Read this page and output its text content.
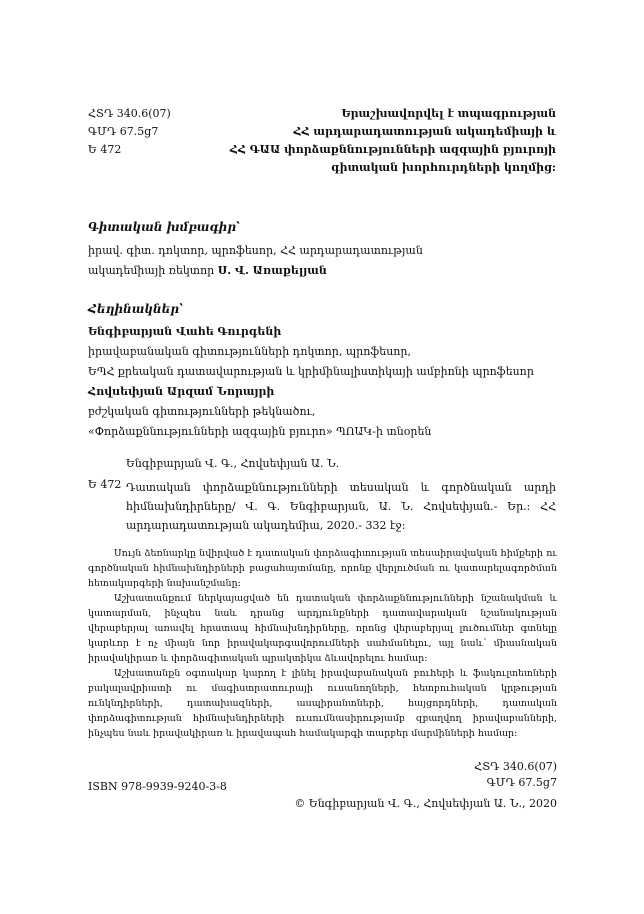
ՀՏԴ 340.6(07)
ԳՄԴ 67.5ց7
Ե 472
Երաշխավորվել է տպագրության
ՀՀ արդարադատության ակադեմիայի և
ՀՀ ԳԱԱ փորձաքննությունների ազգային բյուրոյի
գիտական խորհուրդների կողմից:
Գիտական խմբագիր՝
իրավ. գիտ. դոկտոր, պրոֆեսոր, ՀՀ արդարադատության
ակադեմիայի ռեկտոր Ս. Վ. Առաքելյան
Հեղինակներ՝
Ենգիբարյան Վահե Գուրգենի
իրավաբանական գիտությունների դոկտոր, պրոֆեսոր,
ԵՊՀ քրեական դատավարության և կրիմինալիստիկայի ամբիոնի պրոֆեսոր
Հովսեփյան Արզամ Նորայրի
բժշկական գիտությունների թեկնածու,
«Փորձաքննությունների ազգային բյուրո» ՊՈԱԿ-ի տնօրեն
Ենգիբարյան Վ. Գ., Հովսեփյան Ա. Ն.
Ե 472 Դատական փորձաքննությունների տեսական և գործնական արդի հիմնախնդիրները/ Վ. Գ. Ենգիբարյան, Ա. Ն. Հովսեփյան.- Եր.: ՀՀ արդարադատության ակադեմիա, 2020.- 332 էջ:

Սույն ձեռնարկը նվիրված է դատական փորձագիտության տեսաիրավական հիմքերի ու գործնական հիմնախնդիրների բացահայտմանը, որոնք վերլուծման ու կատարելագործման հետակարգերի նախանշմանը:

Աշխատանքում ներկայացված են դատական փորձաքննությունների նշանակման և կատարման, ինչպես նաև դրանց արդյունքների դատավարական նշանակության վերաբերյալ առավել հրատապ հիմնախնդիրները, որոնց վերաբերյալ լուծումներ գտնելը կարևոր է ոչ միայն նոր իրավակարգավորումների սահմանելու, այլ նաև՝ միասնական իրավակիրառ և փորձագիտական պրակտիկա ձևավորելու համար:

Աշխատանքն օգտակար կարող է լինել իրավաբանական բուհերի և ֆակուլտետների բակալավրիատի ու մագիստրատուրայի ուսանողների, հետբուհական կրթության ունկնդիրների, դատախազների, ասպիրանտների, հայցորդների, դատական փորձագիտության հիմնախնդիրների ուսումնասիրությամբ զբաղվող իրավաբանների, ինչպես նաև իրավակիրառ և իրավապահ համակարգի տարբեր մարմինների համար:

ՀՏԴ 340.6(07)
ԳՄԴ 67.5ց7
ISBN 978-9939-9240-3-8
© Ենգիբարյան Վ. Գ., Հովսեփյան Ա. Ն., 2020
